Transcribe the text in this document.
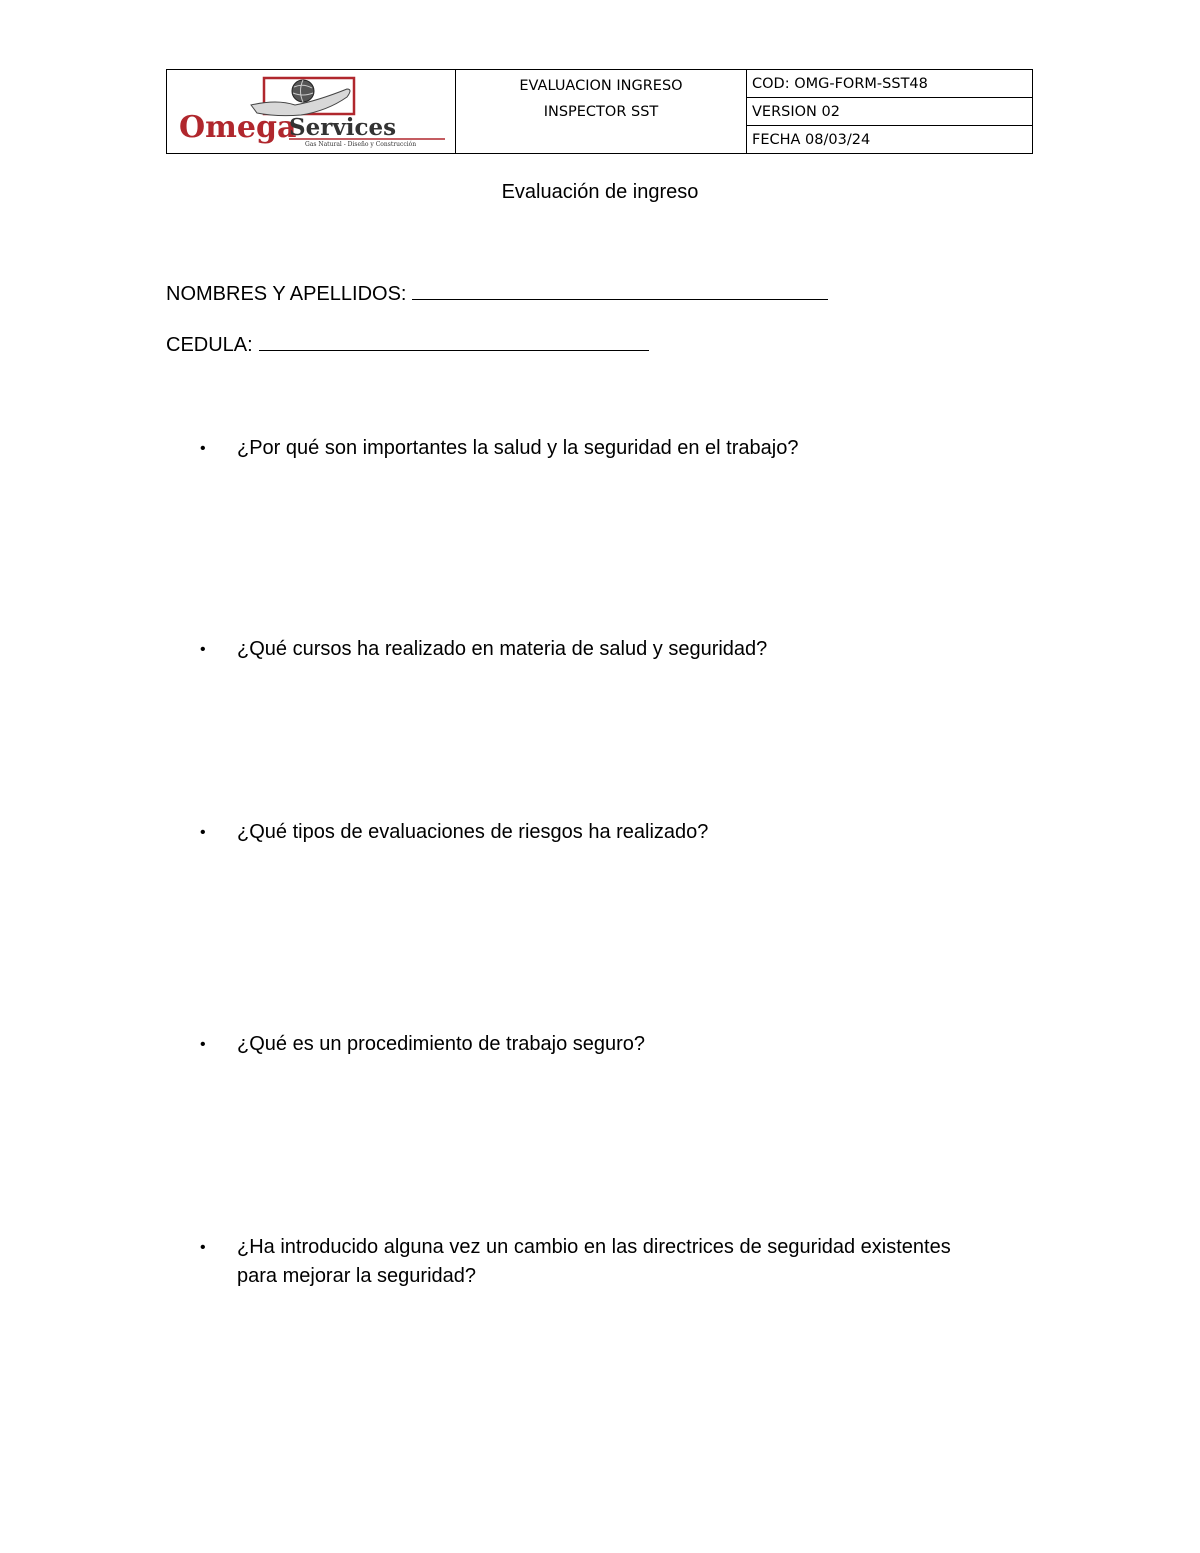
Omega
Services
Gas Natural - Diseño y Construcción

EVALUACION INGRESO
INSPECTOR SST
	COD: OMG-FORM-SST48
VERSION 02
FECHA 08/03/24
Evaluación de ingreso
NOMBRES Y APELLIDOS:
CEDULA:
•	¿Por qué son importantes la salud y la seguridad en el trabajo?
•	¿Qué cursos ha realizado en materia de salud y seguridad?
•	¿Qué tipos de evaluaciones de riesgos ha realizado?
•	¿Qué es un procedimiento de trabajo seguro?
•	¿Ha introducido alguna vez un cambio en las directrices de seguridad existentes para mejorar la seguridad?
